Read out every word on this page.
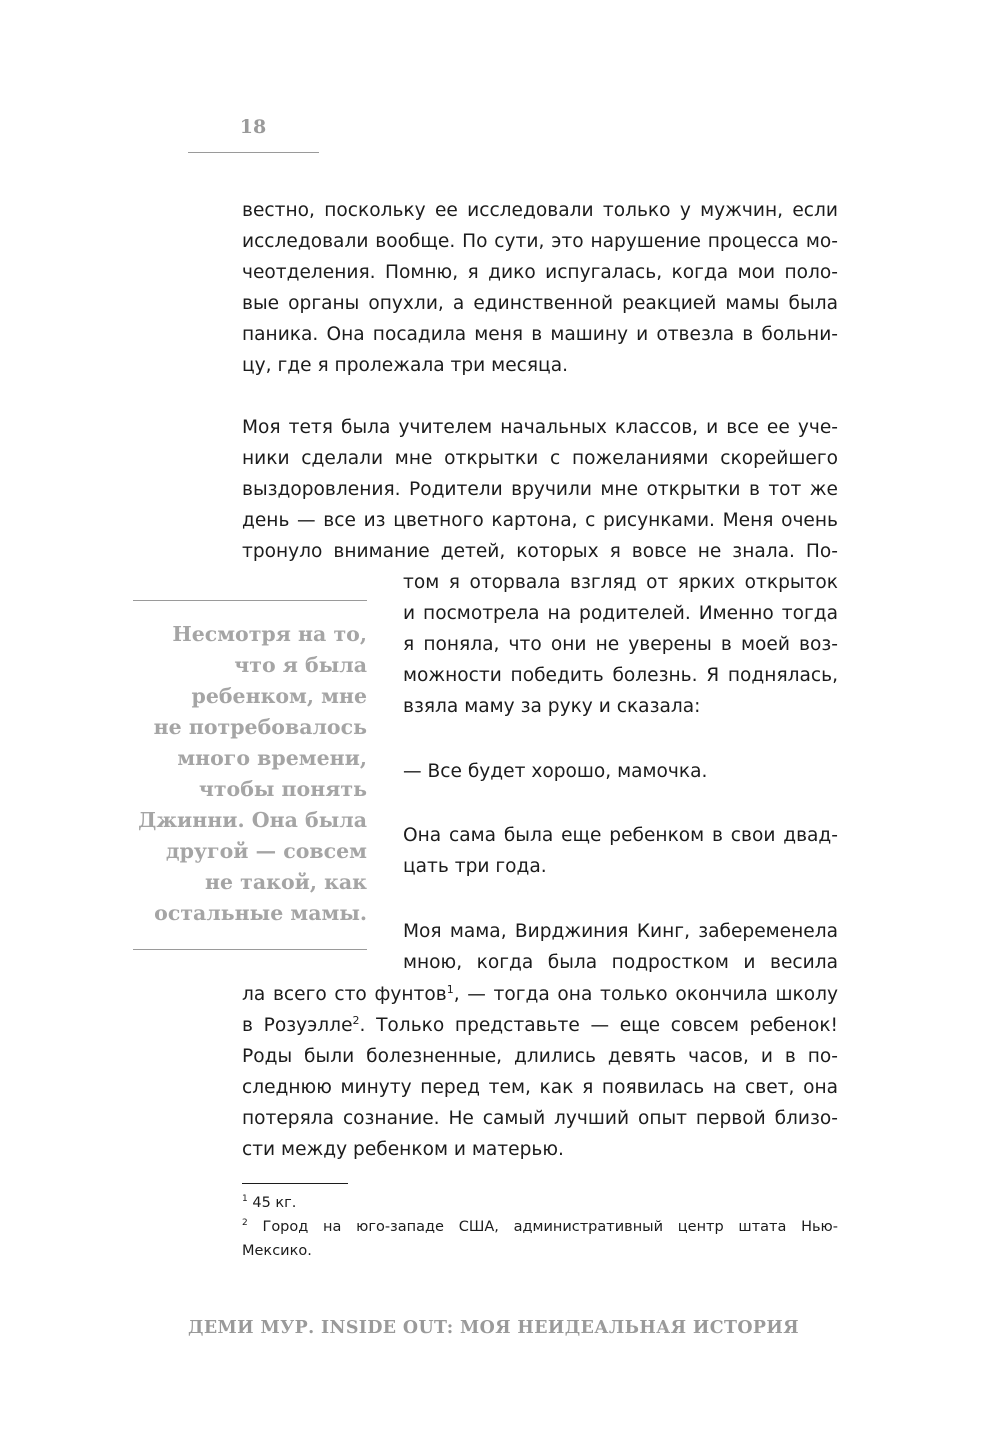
18

вестно, поскольку ее исследовали только у мужчин, если
исследовали вообще. По сути, это нарушение процесса мо-
чеотделения. Помню, я дико испугалась, когда мои поло-
вые органы опухли, а единственной реакцией мамы была
паника. Она посадила меня в машину и отвезла в больни-
цу, где я пролежала три месяца.

Моя тетя была учителем начальных классов, и все ее уче-
ники сделали мне открытки с пожеланиями скорейшего
выздоровления. Родители вручили мне открытки в тот же
день — все из цветного картона, с рисунками. Меня очень
тронуло внимание детей, которых я вовсе не знала. По-

том я оторвала взгляд от ярких открыток
и посмотрела на родителей. Именно тогда
я поняла, что они не уверены в моей воз-
можности победить болезнь. Я поднялась,
взяла маму за руку и сказала:

— Все будет хорошо, мамочка.

Она сама была еще ребенком в свои двад-
цать три года.

Моя мама, Вирджиния Кинг, забеременела
мною, когда была подростком и весила

ла всего сто фунтов$^1$, — тогда она только окончила школу
в Розуэлле$^2$. Только представьте — еще совсем ребенок!
Роды были болезненные, длились девять часов, и в по-
следнюю минуту перед тем, как я появилась на свет, она
потеряла сознание. Не самый лучший опыт первой близо-
сти между ребенком и матерью.

Несмотря на то,
что я была
ребенком, мне
не потребовалось
много времени,
чтобы понять
Джинни. Она была
другой — совсем
не такой, как
остальные мамы.
$^1$ 45 кг.
$^2$ Город на юго-западе США, административный центр штата Нью-
Мексико.

ДЕМИ МУР. INSIDE OUT: МОЯ НЕИДЕАЛЬНАЯ ИСТОРИЯ
